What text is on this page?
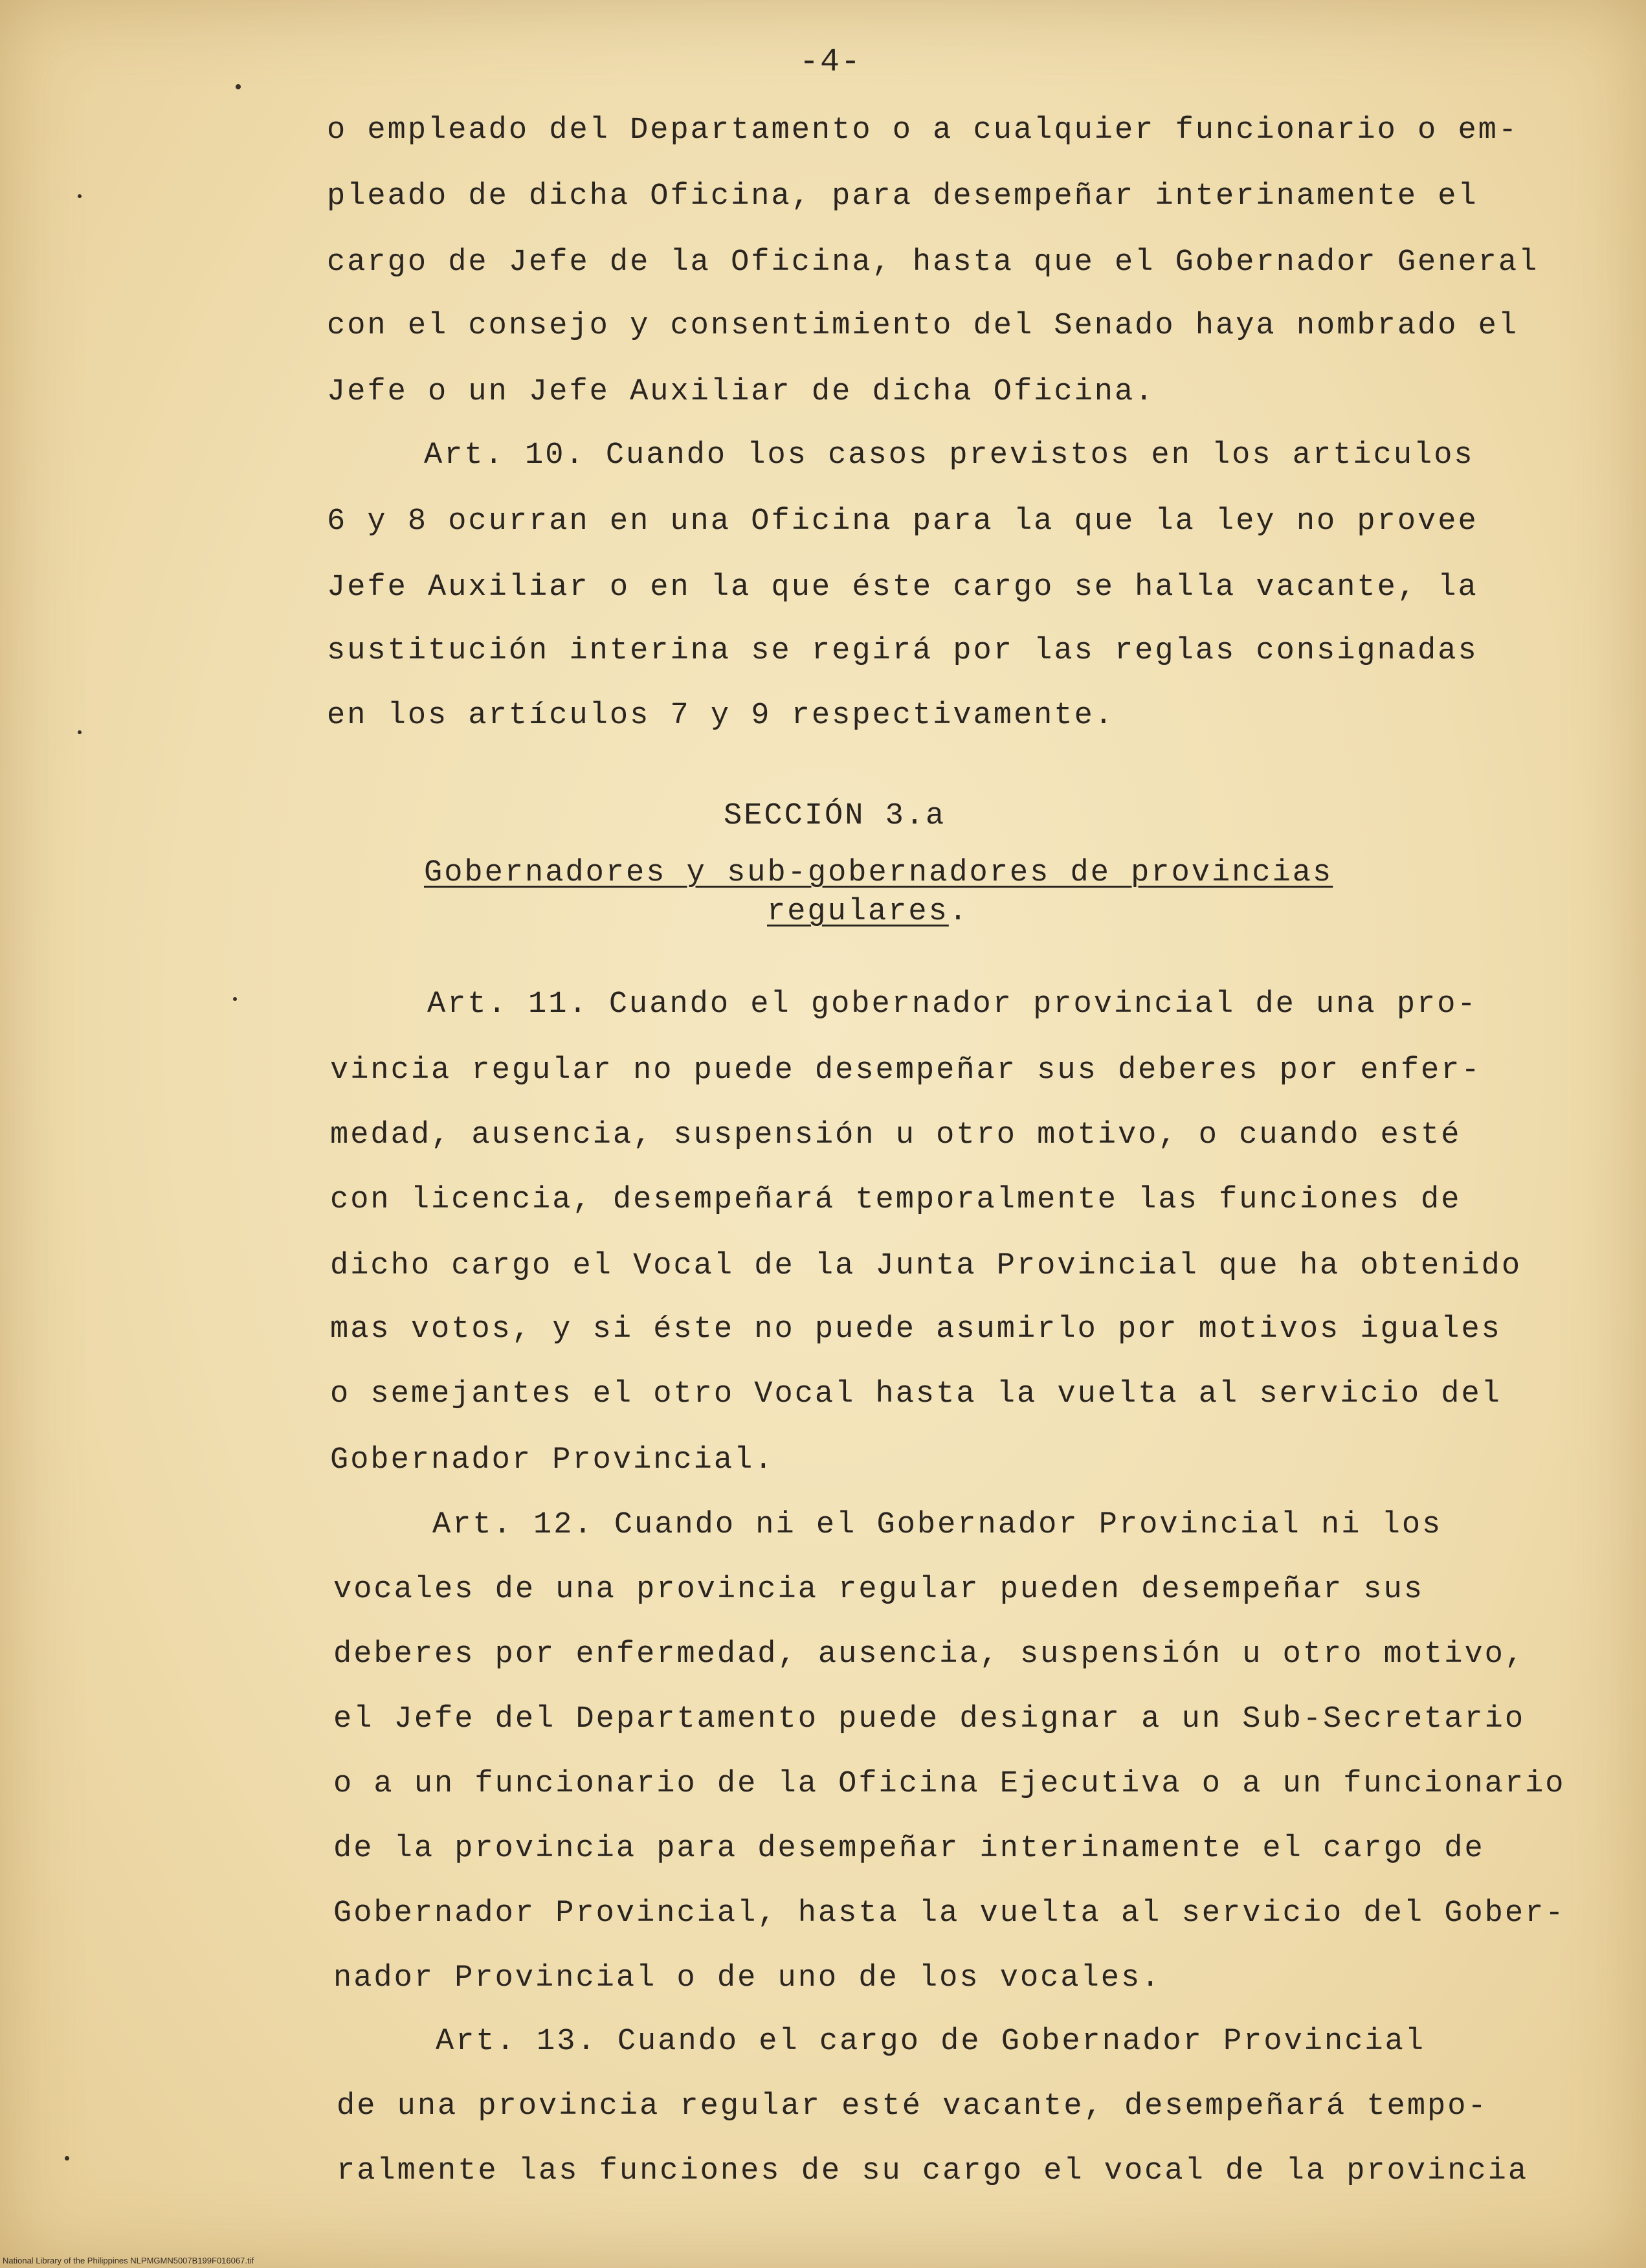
-4-
o empleado del Departamento o a cualquier funcionario o em-
pleado de dicha Oficina, para desempeñar interinamente el
cargo de Jefe de la Oficina, hasta que el Gobernador General
con el consejo y consentimiento del Senado haya nombrado el
Jefe o un Jefe Auxiliar de dicha Oficina.
Art. 10. Cuando los casos previstos en los articulos
6 y 8 ocurran en una Oficina para la que la ley no provee
Jefe Auxiliar o en la que éste cargo se halla vacante, la
sustitución interina se regirá por las reglas consignadas
en los artículos 7 y 9 respectivamente.
SECCIÓN 3.a
Gobernadores y sub-gobernadores de provincias
regulares.
Art. 11. Cuando el gobernador provincial de una pro-
vincia regular no puede desempeñar sus deberes por enfer-
medad, ausencia, suspensión u otro motivo, o cuando esté
con licencia, desempeñará temporalmente las funciones de
dicho cargo el Vocal de la Junta Provincial que ha obtenido
mas votos, y si éste no puede asumirlo por motivos iguales
o semejantes el otro Vocal hasta la vuelta al servicio del
Gobernador Provincial.
Art. 12. Cuando ni el Gobernador Provincial ni los
vocales de una provincia regular pueden desempeñar sus
deberes por enfermedad, ausencia, suspensión u otro motivo,
el Jefe del Departamento puede designar a un Sub-Secretario
o a un funcionario de la Oficina Ejecutiva o a un funcionario
de la provincia para desempeñar interinamente el cargo de
Gobernador Provincial, hasta la vuelta al servicio del Gober-
nador Provincial o de uno de los vocales.
Art. 13. Cuando el cargo de Gobernador Provincial
de una provincia regular esté vacante, desempeñará tempo-
ralmente las funciones de su cargo el vocal de la provincia
National Library of the Philippines NLPMGMN5007B199F016067.tif
